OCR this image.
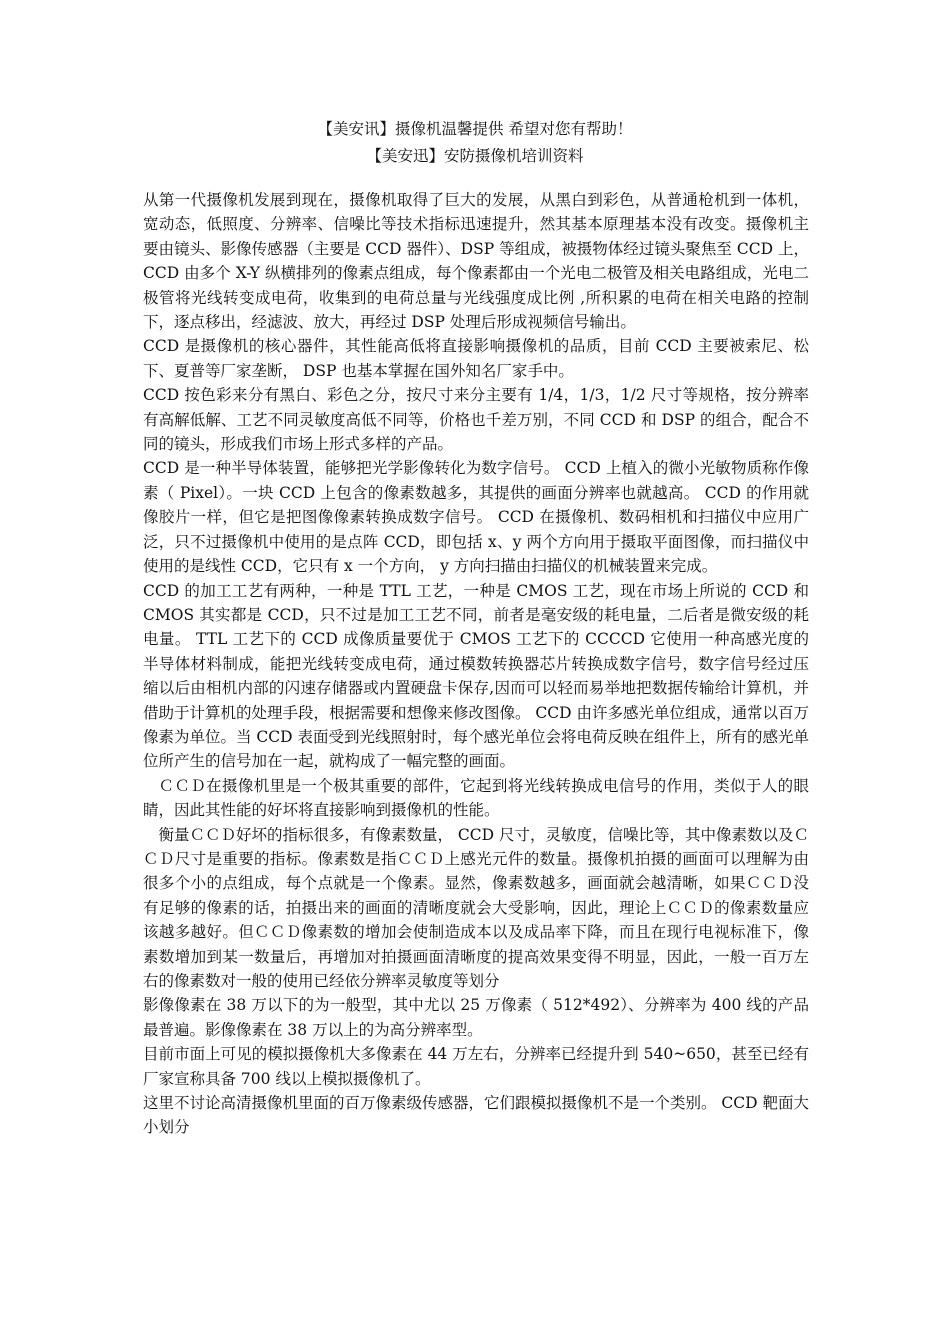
【美安讯】摄像机温馨提供 希望对您有帮助！
【美安迅】安防摄像机培训资料

从第一代摄像机发展到现在，摄像机取得了巨大的发展，从黑白到彩色，从普通枪机到一体机，宽动态，低照度、分辨率、信噪比等技术指标迅速提升，然其基本原理基本没有改变。摄像机主要由镜头、影像传感器（主要是 CCD 器件）、DSP 等组成，被摄物体经过镜头聚焦至 CCD 上， CCD 由多个 X-Y 纵横排列的像素点组成，每个像素都由一个光电二极管及相关电路组成，光电二极管将光线转变成电荷，收集到的电荷总量与光线强度成比例 ,所积累的电荷在相关电路的控制下，逐点移出，经滤波、放大，再经过 DSP 处理后形成视频信号输出。

CCD 是摄像机的核心器件，其性能高低将直接影响摄像机的品质，目前 CCD 主要被索尼、松下、夏普等厂家垄断， DSP 也基本掌握在国外知名厂家手中。

CCD 按色彩来分有黑白、彩色之分，按尺寸来分主要有 1/4，1/3，1/2 尺寸等规格，按分辨率有高解低解、工艺不同灵敏度高低不同等，价格也千差万别，不同 CCD 和 DSP 的组合，配合不同的镜头，形成我们市场上形式多样的产品。

CCD 是一种半导体装置，能够把光学影像转化为数字信号。 CCD 上植入的微小光敏物质称作像素（ Pixel）。一块 CCD 上包含的像素数越多，其提供的画面分辨率也就越高。 CCD 的作用就像胶片一样，但它是把图像像素转换成数字信号。 CCD 在摄像机、数码相机和扫描仪中应用广泛，只不过摄像机中使用的是点阵 CCD，即包括 x、y 两个方向用于摄取平面图像，而扫描仪中使用的是线性 CCD，它只有 x 一个方向， y 方向扫描由扫描仪的机械装置来完成。

CCD 的加工工艺有两种，一种是 TTL 工艺，一种是 CMOS 工艺，现在市场上所说的 CCD 和 CMOS 其实都是 CCD，只不过是加工工艺不同，前者是毫安级的耗电量，二后者是微安级的耗电量。 TTL 工艺下的 CCD 成像质量要优于 CMOS 工艺下的 CCCCD 它使用一种高感光度的半导体材料制成，能把光线转变成电荷，通过模数转换器芯片转换成数字信号，数字信号经过压缩以后由相机内部的闪速存储器或内置硬盘卡保存,因而可以轻而易举地把数据传输给计算机，并借助于计算机的处理手段，根据需要和想像来修改图像。 CCD 由许多感光单位组成，通常以百万像素为单位。当 CCD 表面受到光线照射时，每个感光单位会将电荷反映在组件上，所有的感光单位所产生的信号加在一起，就构成了一幅完整的画面。

ＣＣＤ在摄像机里是一个极其重要的部件，它起到将光线转换成电信号的作用，类似于人的眼睛，因此其性能的好坏将直接影响到摄像机的性能。

衡量ＣＣＤ好坏的指标很多，有像素数量， CCD 尺寸，灵敏度，信噪比等，其中像素数以及ＣＣＤ尺寸是重要的指标。像素数是指ＣＣＤ上感光元件的数量。摄像机拍摄的画面可以理解为由很多个小的点组成，每个点就是一个像素。显然，像素数越多，画面就会越清晰，如果ＣＣＤ没有足够的像素的话，拍摄出来的画面的清晰度就会大受影响，因此，理论上ＣＣＤ的像素数量应该越多越好。但ＣＣＤ像素数的增加会使制造成本以及成品率下降，而且在现行电视标准下，像素数增加到某一数量后，再增加对拍摄画面清晰度的提高效果变得不明显，因此，一般一百万左右的像素数对一般的使用已经依分辨率灵敏度等划分

影像像素在 38 万以下的为一般型，其中尤以 25 万像素（ 512*492）、分辨率为 400 线的产品最普遍。影像像素在 38 万以上的为高分辨率型。

目前市面上可见的模拟摄像机大多像素在 44 万左右，分辨率已经提升到 540~650，甚至已经有厂家宣称具备 700 线以上模拟摄像机了。

这里不讨论高清摄像机里面的百万像素级传感器，它们跟模拟摄像机不是一个类别。 CCD 靶面大小划分
